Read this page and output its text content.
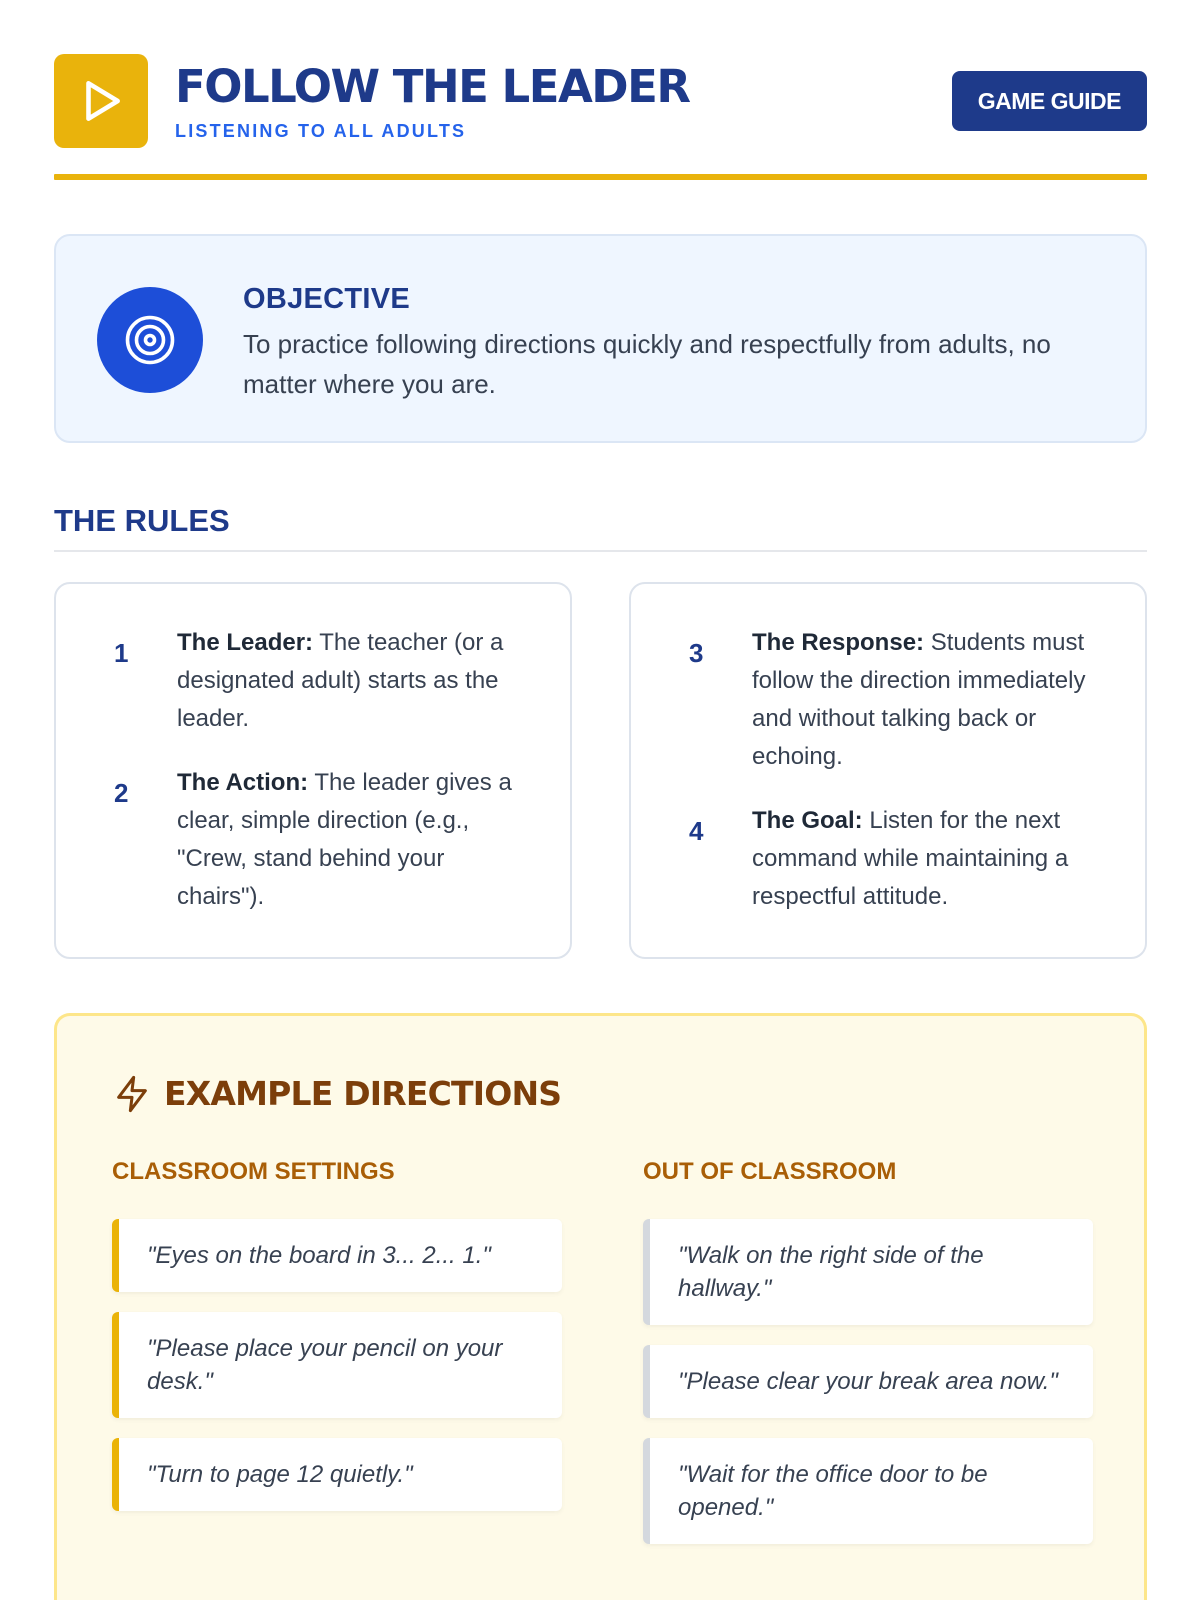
FOLLOW THE LEADER
LISTENING TO ALL ADULTS
GAME GUIDE
OBJECTIVE
To practice following directions quickly and respectfully from adults, no matter where you are.
THE RULES
1	The Leader: The teacher (or a designated adult) starts as the leader.
2	The Action: The leader gives a clear, simple direction (e.g., "Crew, stand behind your chairs").
3	The Response: Students must follow the direction immediately and without talking back or echoing.
4	The Goal: Listen for the next command while maintaining a respectful attitude.
EXAMPLE DIRECTIONS
CLASSROOM SETTINGS	OUT OF CLASSROOM
"Eyes on the board in 3... 2... 1."
"Please place your pencil on your desk."
"Turn to page 12 quietly."
"Walk on the right side of the hallway."
"Please clear your break area now."
"Wait for the office door to be opened."
